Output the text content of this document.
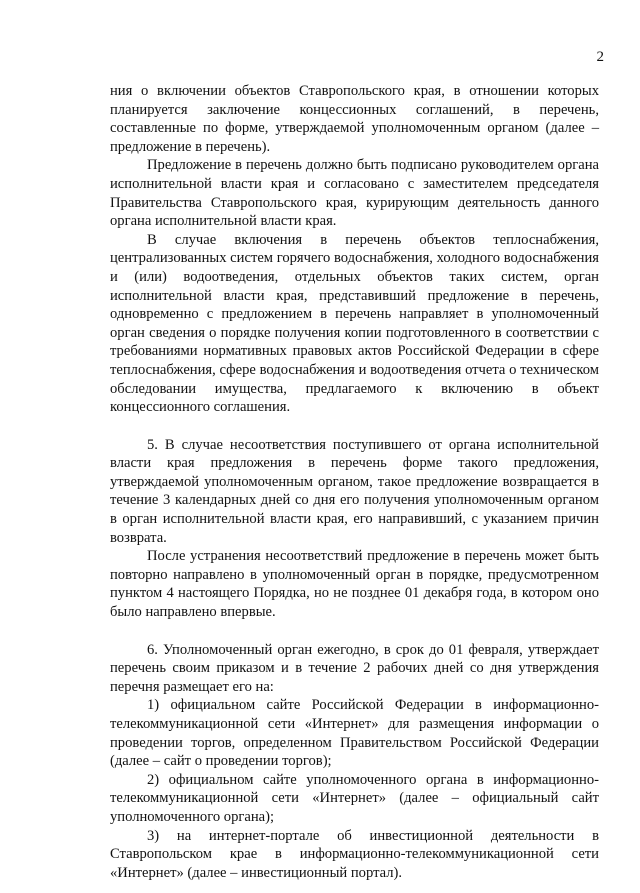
2

ния о включении объектов Ставропольского края, в отношении которых планируется заключение концессионных соглашений, в перечень, составленные по форме, утверждаемой уполномоченным органом (далее – предложение в перечень).

Предложение в перечень должно быть подписано руководителем органа исполнительной власти края и согласовано с заместителем председателя Правительства Ставропольского края, курирующим деятельность данного органа исполнительной власти края.

В случае включения в перечень объектов теплоснабжения, централизованных систем горячего водоснабжения, холодного водоснабжения и (или) водоотведения, отдельных объектов таких систем, орган исполнительной власти края, представивший предложение в перечень, одновременно с предложением в перечень направляет в уполномоченный орган сведения о порядке получения копии подготовленного в соответствии с требованиями нормативных правовых актов Российской Федерации в сфере теплоснабжения, сфере водоснабжения и водоотведения отчета о техническом обследовании имущества, предлагаемого к включению в объект концессионного соглашения.

5. В случае несоответствия поступившего от органа исполнительной власти края предложения в перечень форме такого предложения, утверждаемой уполномоченным органом, такое предложение возвращается в течение 3 календарных дней со дня его получения уполномоченным органом в орган исполнительной власти края, его направивший, с указанием причин возврата.

После устранения несоответствий предложение в перечень может быть повторно направлено в уполномоченный орган в порядке, предусмотренном пунктом 4 настоящего Порядка, но не позднее 01 декабря года, в котором оно было направлено впервые.

6. Уполномоченный орган ежегодно, в срок до 01 февраля, утверждает перечень своим приказом и в течение 2 рабочих дней со дня утверждения перечня размещает его на:

1) официальном сайте Российской Федерации в информационно-телекоммуникационной сети «Интернет» для размещения информации о проведении торгов, определенном Правительством Российской Федерации (далее – сайт о проведении торгов);

2) официальном сайте уполномоченного органа в информационно-телекоммуникационной сети «Интернет» (далее – официальный сайт уполномоченного органа);

3) на интернет-портале об инвестиционной деятельности в Ставропольском крае в информационно-телекоммуникационной сети «Интернет» (далее – инвестиционный портал).
